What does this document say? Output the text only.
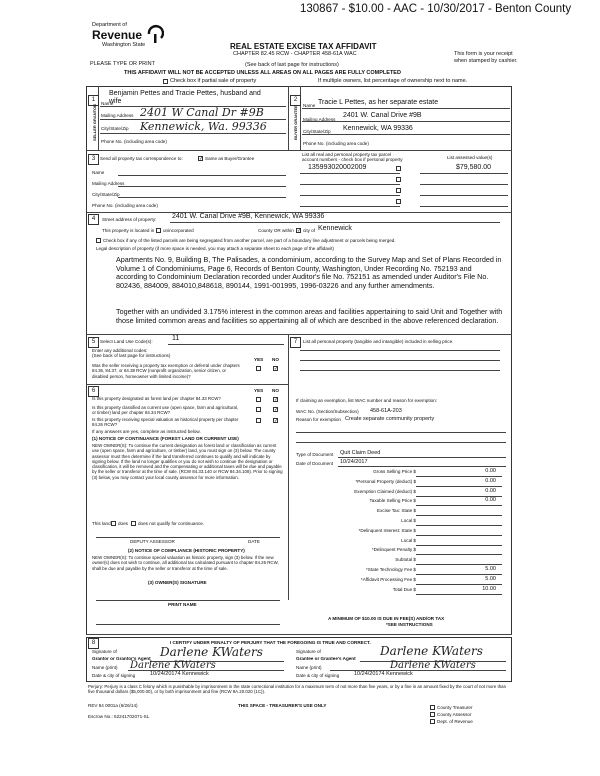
130867 - $10.00 - AAC - 10/30/2017 - Benton County
Department of
Revenue
Washington State
PLEASE TYPE OR PRINT
REAL ESTATE EXCISE TAX AFFIDAVIT
CHAPTER 82.45 RCW - CHAPTER 458-61A WAC
(See back of last page for instructions)
This form is your receipt
when stamped by cashier.
THIS AFFIDAVIT WILL NOT BE ACCEPTED UNLESS ALL AREAS ON ALL PAGES ARE FULLY COMPLETED
Check box if partial sale of property	If multiple owners, list percentage of ownership next to name.
1	2
SELLER GRANTOR	BUYER GRANTEE
Benjamin Pettes and Tracie Pettes, husband and
Name
wife
Mailing Address 2401 W Canal Dr #9B
City/State/Zip Kennewick, Wa. 99336
Phone No. (including area code)
Name Tracie L Pettes, as her separate estate
Mailing Address
2401 W. Canal Drive #9B
City/State/Zip Kennewick, WA 99336
Phone No. (including area code)
3	Send all property tax correspondence to:	✓ Same as Buyer/Grantee
List all real and personal property tax parcel
account numbers - check box if personal property	List assessed value(s)
135993020002009	$79,580.00
Name
Mailing Address
City/State/Zip
Phone No. (including area code)
4	Street address of property: 2401 W. Canal Drive #9B, Kennewick, WA 99336
This property is located in unincorporated	County OR within ✓ city of Kennewick
Check box if any of the listed parcels are being segregated from another parcel, are part of a boundary line adjustment or parcels being merged.
Legal description of property (if more space is needed, you may attach a separate sheet to each page of the affidavit)
Apartments No. 9, Building B, The Palisades, a condominium, according to the Survey Map and Set of Plans Recorded in Volume 1 of Condominiums, Page 6, Records of Benton County, Washington, Under Recording No. 752193 and according to Condominium Declaration recorded under Auditor's file No. 752151 as amended under Auditor's File No. 802436, 884009, 884010,848618, 890144, 1991-001995, 1996-03226 and any further amendments.
Together with an undivided 3.175% interest in the common areas and facilities appertaining to said Unit and Together with those limited common areas and facilities so appertaining all of which are described in the above referenced declaration.
5	Select Land Use Code(s):	11
Enter any additional codes:
(See back of last page for instructions)
YES NO
Was the seller receiving a property tax exemption or deferral under chapters 84.36, 84.37, or 84.38 RCW (nonprofit organization, senior citizen, or disabled person, homeowner with limited income)?
✓
7	List all personal property (tangible and intangible) included in selling price.
6	YES NO
Is this property designated as forest land per chapter 84.33 RCW?	✓
Is this property classified as current use (open space, farm and agricultural, or timber) land per chapter 84.34 RCW?	✓
Is this property receiving special valuation as historical property per chapter 84.26 RCW?
✓
If any answers are yes, complete as instructed below.
(1) NOTICE OF CONTINUANCE (FOREST LAND OR CURRENT USE)
NEW OWNER(S): To continue the current designation as forest land or classification as current use (open space, farm and agriculture, or timber) land, you must sign on (3) below. The county assessor must then determine if the land transferred continues to qualify and will indicate by signing below. If the land no longer qualifies or you do not wish to continue the designation or classification, it will be removed and the compensating or additional taxes will be due and payable by the seller or transferor at the time of sale. (RCW 84.33.140 or RCW 84.34.108). Prior to signing (3) below, you may contact your local county assessor for more information.
This land does does not qualify for continuance.
DEPUTY ASSESSOR	DATE
(2) NOTICE OF COMPLIANCE (HISTORIC PROPERTY)
NEW OWNER(S): To continue special valuation as historic property, sign (3) below. If the new owner(s) does not wish to continue, all additional tax calculated pursuant to chapter 84.26 RCW, shall be due and payable by the seller or transferor at the time of sale.
(3) OWNER(S) SIGNATURE
PRINT NAME
If claiming an exemption, list WAC number and reason for exemption:
WAC No. (Section/Subsection) 458-61A-203
Reason for exemption Create separate community property
Type of Document Quit Claim Deed
Date of Document 10/24/2017
Gross Selling Price $	0.00
*Personal Property (deduct) $	0.00
Exemption Claimed (deduct) $	0.00
Taxable Selling Price $	0.00
Excise Tax: State $
Local $
*Delinquent Interest: State $
Local $
*Delinquent Penalty $
Subtotal $
*State Technology Fee $	5.00
*Affidavit Processing Fee $	5.00
Total Due $	10.00
A MINIMUM OF $10.00 IS DUE IN FEE(S) AND/OR TAX
*SEE INSTRUCTIONS
8	I CERTIFY UNDER PENALTY OF PERJURY THAT THE FOREGOING IS TRUE AND CORRECT.
Signature of
Grantor or Grantor's Agent Darlene KWaters
Name (print) Darlene KWaters
Date & city of signing	10/24/20174 Kennewick
Signature of
Grantee or Grantee's Agent
Darlene KWaters
Name (print)	Darlene KWaters
Date & city of signing	10/24/20174 Kennewick
Perjury: Perjury is a class C felony which is punishable by imprisonment in the state correctional institution for a maximum term of not more than five years, or by a fine in an amount fixed by the court of not more than five thousand dollars ($5,000.00), or by both imprisonment and fine (RCW 9A.20.020 (1C)).
REV 84 0001a (6/26/14)	THIS SPACE - TREASURER'S USE ONLY
Escrow No.: 52241702071-SL
County Treasurer
County Assessor
Dept. of Revenue
